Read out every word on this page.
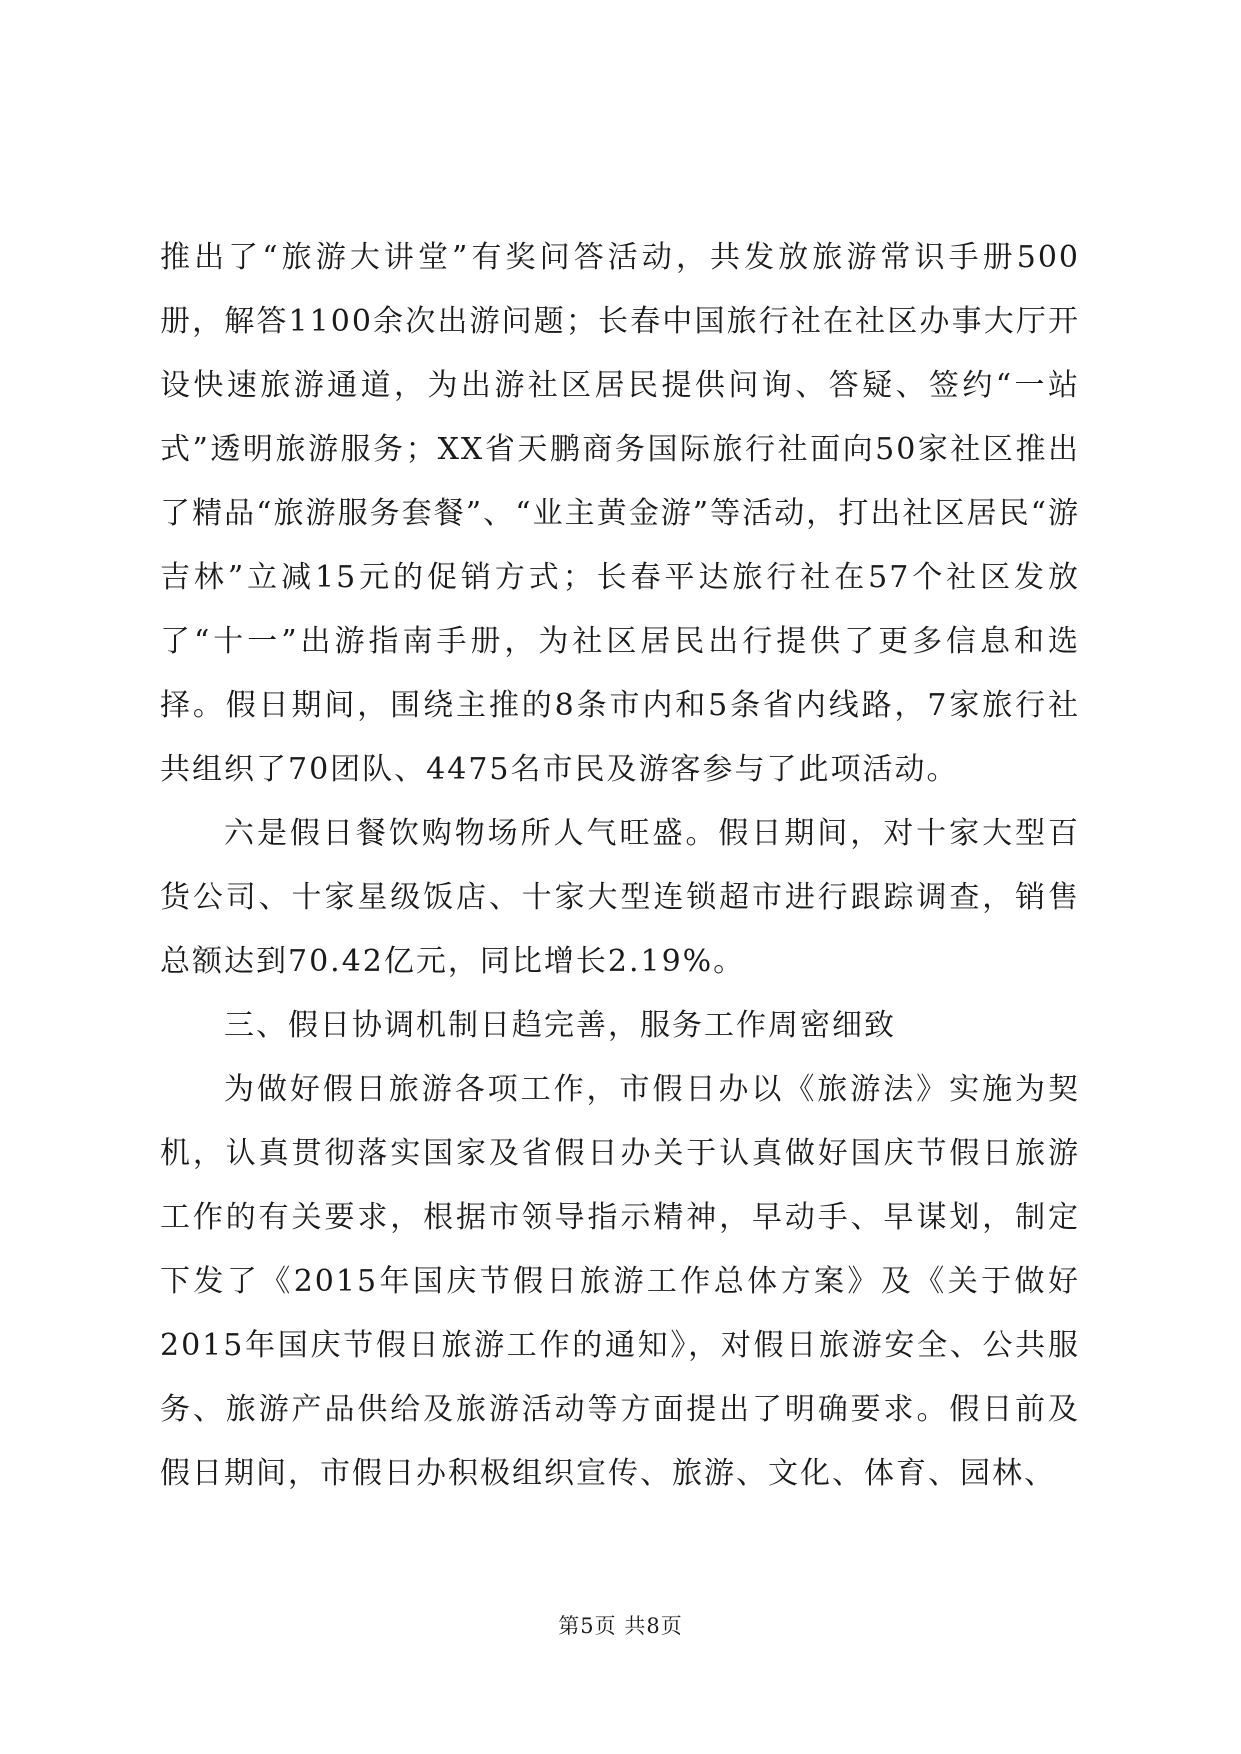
推出了“旅游大讲堂”有奖问答活动，共发放旅游常识手册500册，解答1100余次出游问题；长春中国旅行社在社区办事大厅开设快速旅游通道，为出游社区居民提供问询、答疑、签约“一站式”透明旅游服务；XX省天鹏商务国际旅行社面向50家社区推出了精品“旅游服务套餐”、“业主黄金游”等活动，打出社区居民“游吉林”立减15元的促销方式；长春平达旅行社在57个社区发放了“十一”出游指南手册，为社区居民出行提供了更多信息和选择。假日期间，围绕主推的8条市内和5条省内线路，7家旅行社共组织了70团队、4475名市民及游客参与了此项活动。

六是假日餐饮购物场所人气旺盛。假日期间，对十家大型百货公司、十家星级饭店、十家大型连锁超市进行跟踪调查，销售总额达到70.42亿元，同比增长2.19%。

三、假日协调机制日趋完善，服务工作周密细致

为做好假日旅游各项工作，市假日办以《旅游法》实施为契机，认真贯彻落实国家及省假日办关于认真做好国庆节假日旅游工作的有关要求，根据市领导指示精神，早动手、早谋划，制定下发了《2015年国庆节假日旅游工作总体方案》及《关于做好2015年国庆节假日旅游工作的通知》，对假日旅游安全、公共服务、旅游产品供给及旅游活动等方面提出了明确要求。假日前及假日期间，市假日办积极组织宣传、旅游、文化、体育、园林、

第5页 共8页
